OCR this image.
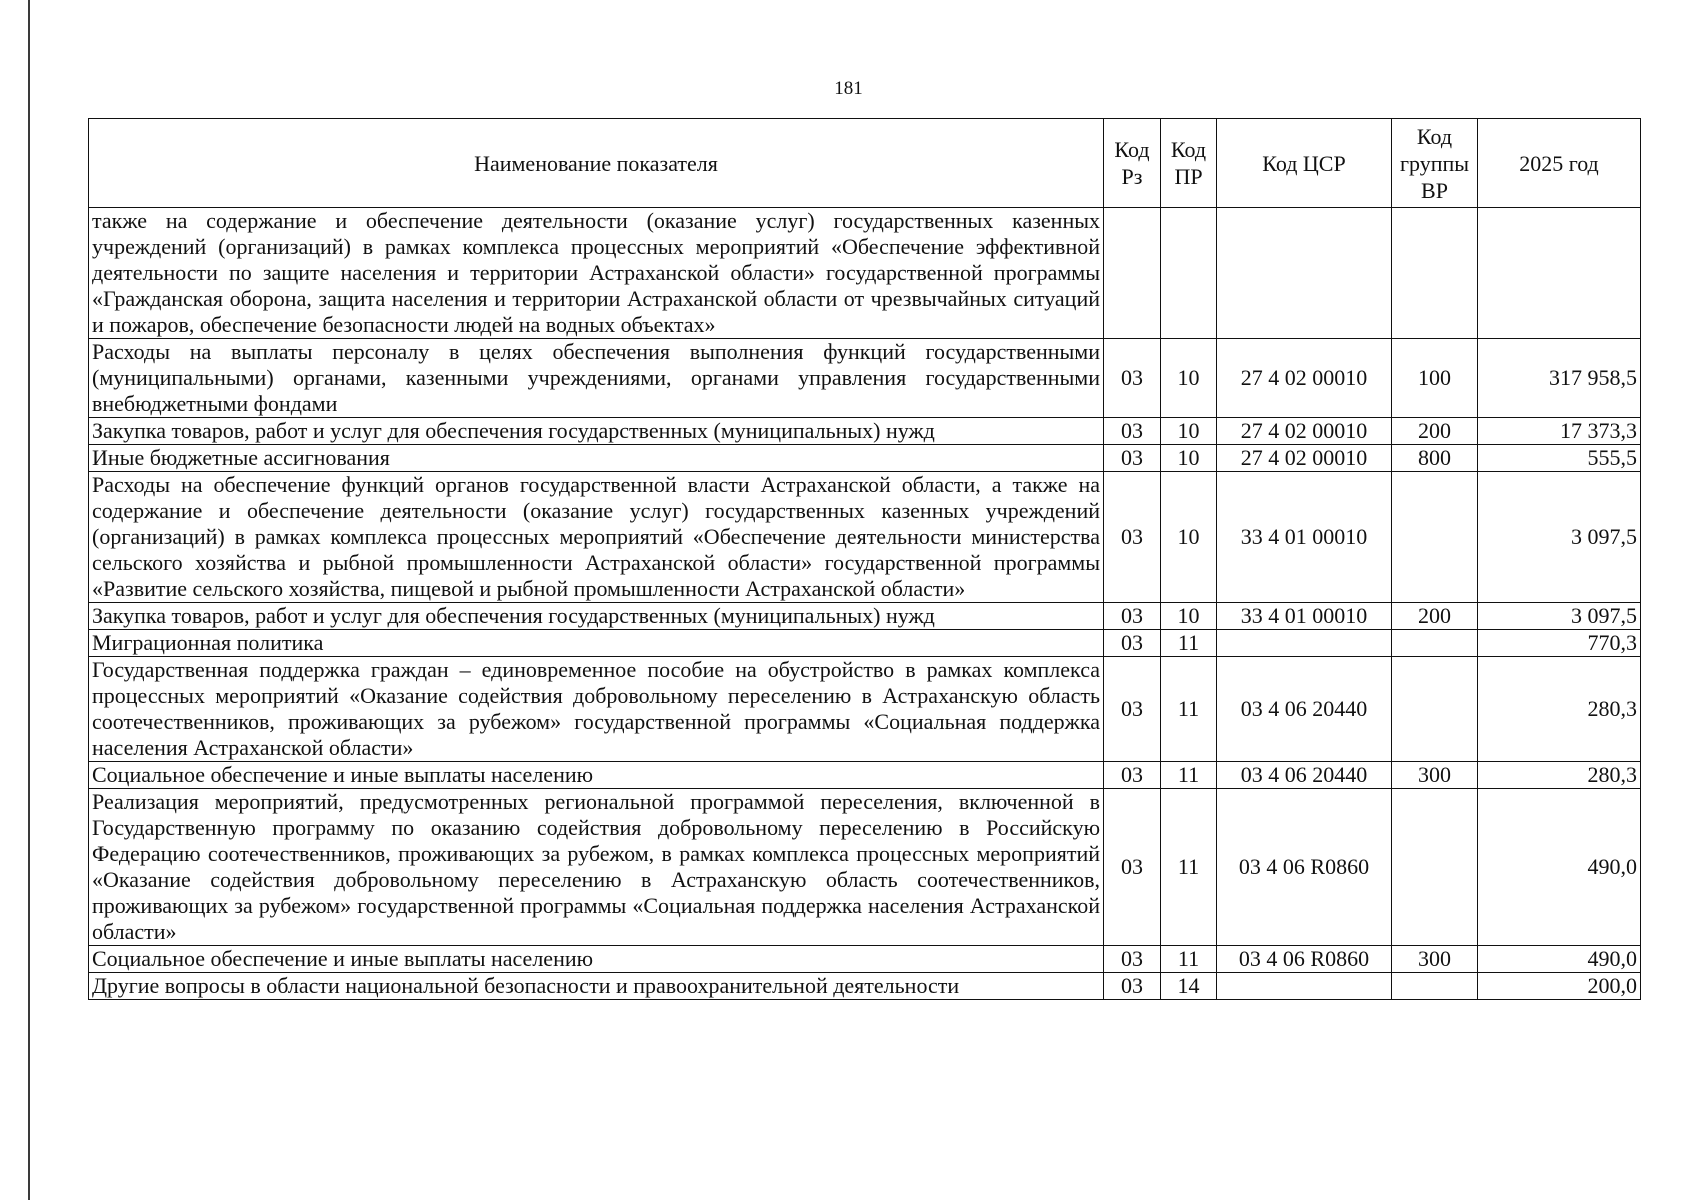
181
Наименование показателя	Код Рз	Код ПР	Код ЦСР	Код группы ВР	2025 год
также на содержание и обеспечение деятельности (оказание услуг) государственных казенных учреждений (организаций) в рамках комплекса процессных мероприятий «Обеспечение эффективной деятельности по защите населения и территории Астраханской области» государственной программы «Гражданская оборона, защита населения и территории Астраханской области от чрезвычайных ситуаций и пожаров, обеспечение безопасности людей на водных объектах»					
Расходы на выплаты персоналу в целях обеспечения выполнения функций государственными (муниципальными) органами, казенными учреждениями, органами управления государственными внебюджетными фондами	03	10	27 4 02 00010	100	317 958,5
Закупка товаров, работ и услуг для обеспечения государственных (муниципальных) нужд	03	10	27 4 02 00010	200	17 373,3
Иные бюджетные ассигнования	03	10	27 4 02 00010	800	555,5
Расходы на обеспечение функций органов государственной власти Астраханской области, а также на содержание и обеспечение деятельности (оказание услуг) государственных казенных учреждений (организаций) в рамках комплекса процессных мероприятий «Обеспечение деятельности министерства сельского хозяйства и рыбной промышленности Астраханской области» государственной программы «Развитие сельского хозяйства, пищевой и рыбной промышленности Астраханской области»	03	10	33 4 01 00010		3 097,5
Закупка товаров, работ и услуг для обеспечения государственных (муниципальных) нужд	03	10	33 4 01 00010	200	3 097,5
Миграционная политика	03	11			770,3
Государственная поддержка граждан – единовременное пособие на обустройство в рамках комплекса процессных мероприятий «Оказание содействия добровольному переселению в Астраханскую область соотечественников, проживающих за рубежом» государственной программы «Социальная поддержка населения Астраханской области»	03	11	03 4 06 20440		280,3
Социальное обеспечение и иные выплаты населению	03	11	03 4 06 20440	300	280,3
Реализация мероприятий, предусмотренных региональной программой переселения, включенной в Государственную программу по оказанию содействия добровольному переселению в Российскую Федерацию соотечественников, проживающих за рубежом, в рамках комплекса процессных мероприятий «Оказание содействия добровольному переселению в Астраханскую область соотечественников, проживающих за рубежом» государственной программы «Социальная поддержка населения Астраханской области»	03	11	03 4 06 R0860		490,0
Социальное обеспечение и иные выплаты населению	03	11	03 4 06 R0860	300	490,0
Другие вопросы в области национальной безопасности и правоохранительной деятельности	03	14			200,0
